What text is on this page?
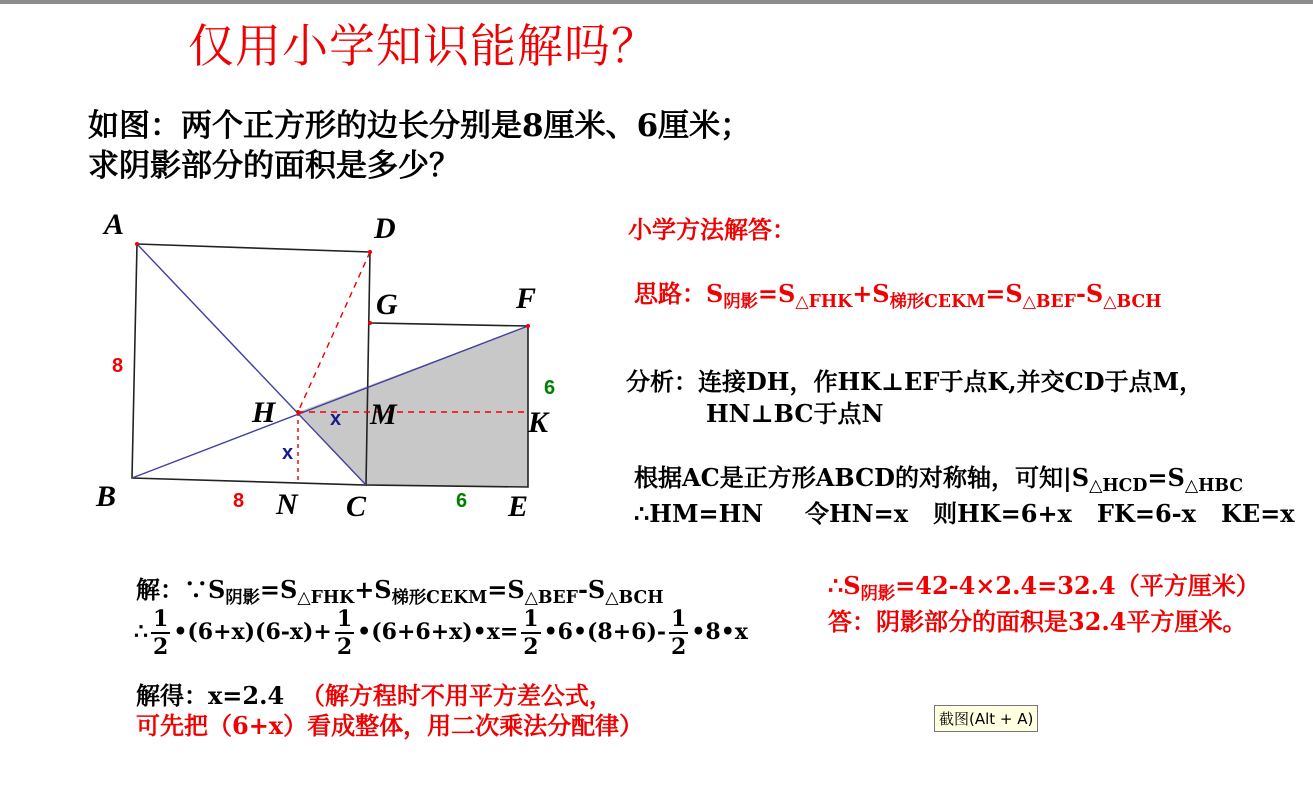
仅用小学知识能解吗？
如图：两个正方形的边长分别是8厘米、6厘米；
求阴影部分的面积是多少？
A	D
G	F
H	M	K
B	N C	E
8
8
6
6
x
x
小学方法解答：
思路：$S_{阴影}=S_{\triangle FHK}+S_{梯形CEKM}=S_{\triangle BEF}-S_{\triangle BCH}$
分析：连接DH，作HK⊥EF于点K,并交CD于点M，
HN⊥BC于点N
根据AC是正方形ABCD的对称轴，可知$|S_{\triangle HCD}=S_{\triangle HBC}$
∴HM=HN     令HN=x   则HK=6+x   FK=6-x   KE=x
解：$\because S_{阴影}=S_{\triangle FHK}+S_{梯形CEKM}=S_{\triangle BEF}-S_{\triangle BCH}$
∴ $\frac{1}{2}$ •(6+x)(6-x)+ $\frac{1}{2}$ •(6+6+x)•x= $\frac{1}{2}$ •6•(8+6)- $\frac{1}{2}$ •8•x
解得：x=2.4  （解方程时不用平方差公式，
可先把（6+x）看成整体，用二次乘法分配律）
$\therefore S_{阴影}=42-4\times 2.4=32.4$（平方厘米）
答：阴影部分的面积是32.4平方厘米。
截图(Alt + A)
